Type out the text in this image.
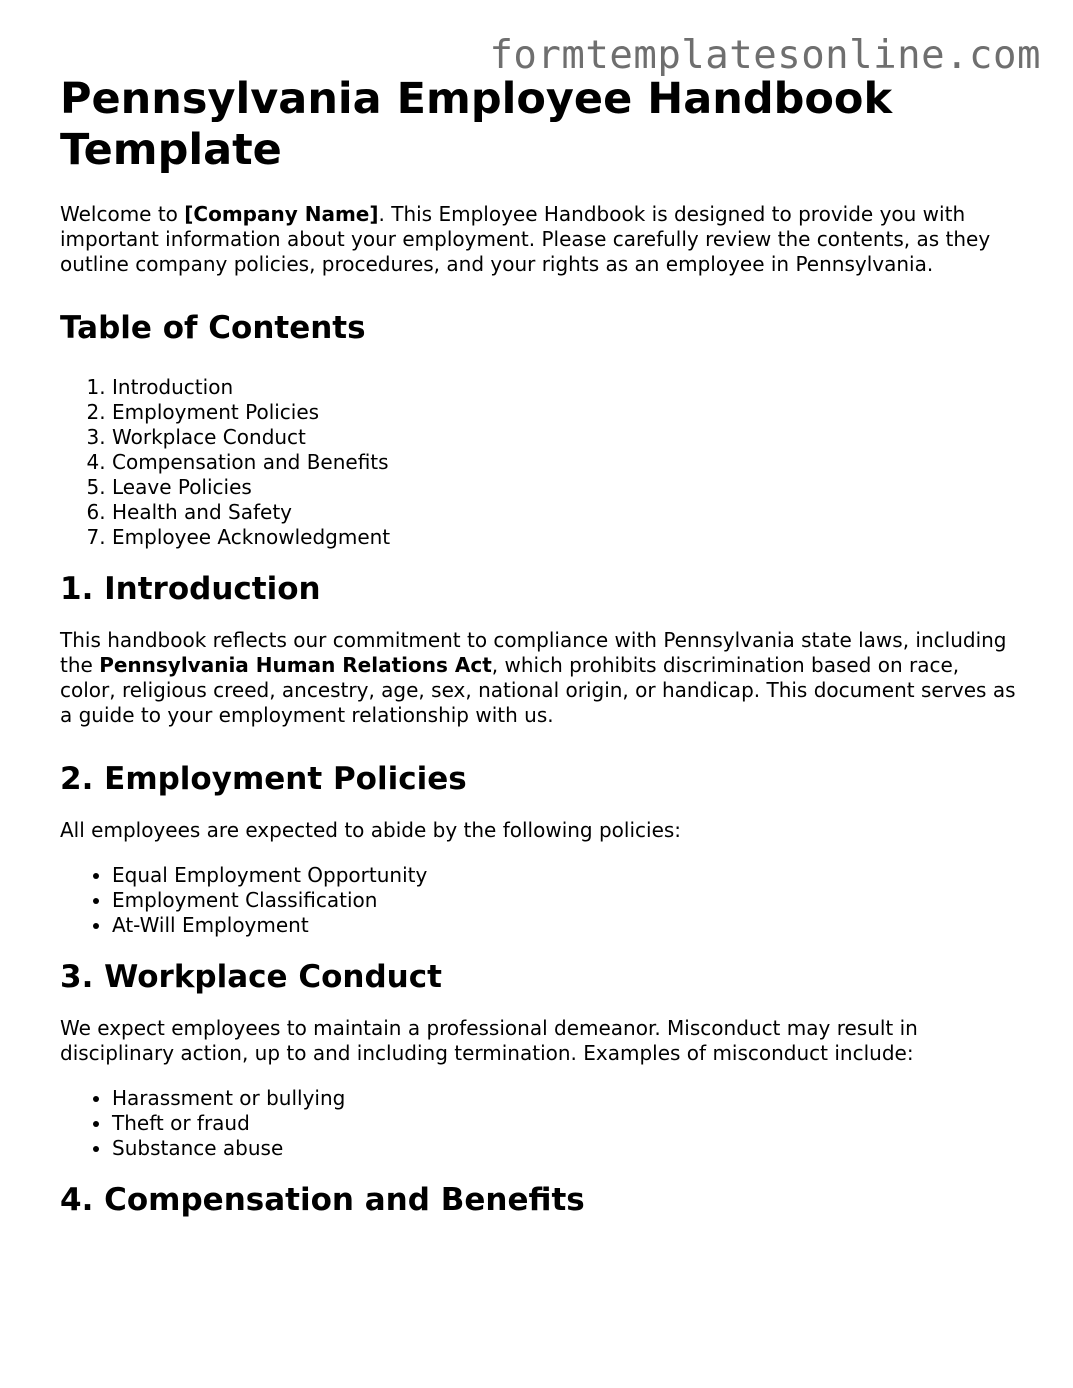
formtemplatesonline.com
Pennsylvania Employee Handbook Template

Welcome to [Company Name]. This Employee Handbook is designed to provide you with important information about your employment. Please carefully review the contents, as they outline company policies, procedures, and your rights as an employee in Pennsylvania.

Table of Contents
1. Introduction
2. Employment Policies
3. Workplace Conduct
4. Compensation and Benefits
5. Leave Policies
6. Health and Safety
7. Employee Acknowledgment
1. Introduction

This handbook reflects our commitment to compliance with Pennsylvania state laws, including the Pennsylvania Human Relations Act, which prohibits discrimination based on race, color, religious creed, ancestry, age, sex, national origin, or handicap. This document serves as a guide to your employment relationship with us.

2. Employment Policies

All employees are expected to abide by the following policies:

• Equal Employment Opportunity
• Employment Classification
• At-Will Employment
3. Workplace Conduct

We expect employees to maintain a professional demeanor. Misconduct may result in disciplinary action, up to and including termination. Examples of misconduct include:

• Harassment or bullying
• Theft or fraud
• Substance abuse
4. Compensation and Benefits
